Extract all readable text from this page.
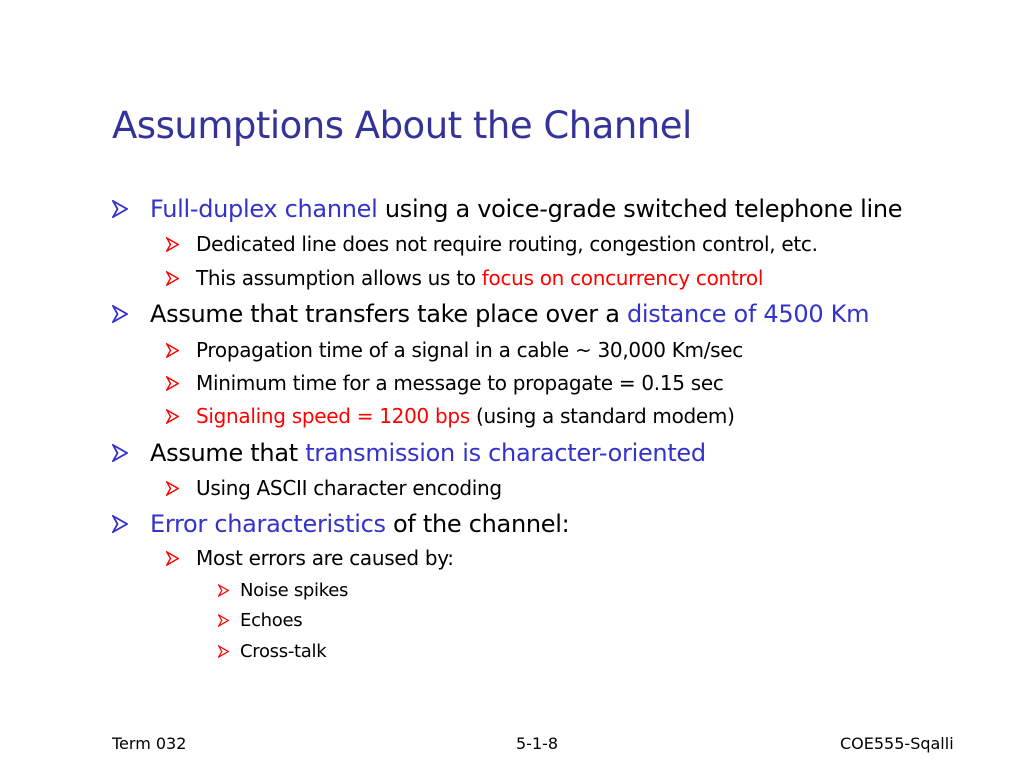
Assumptions About the Channel
Full-duplex channel using a voice-grade switched telephone line
Dedicated line does not require routing, congestion control, etc.
This assumption allows us to focus on concurrency control
Assume that transfers take place over a distance of 4500 Km
Propagation time of a signal in a cable ~ 30,000 Km/sec
Minimum time for a message to propagate = 0.15 sec
Signaling speed = 1200 bps (using a standard modem)
Assume that transmission is character-oriented
Using ASCII character encoding
Error characteristics of the channel:
Most errors are caused by:
Noise spikes
Echoes
Cross-talk
Term 032	5-1-8	COE555-Sqalli
